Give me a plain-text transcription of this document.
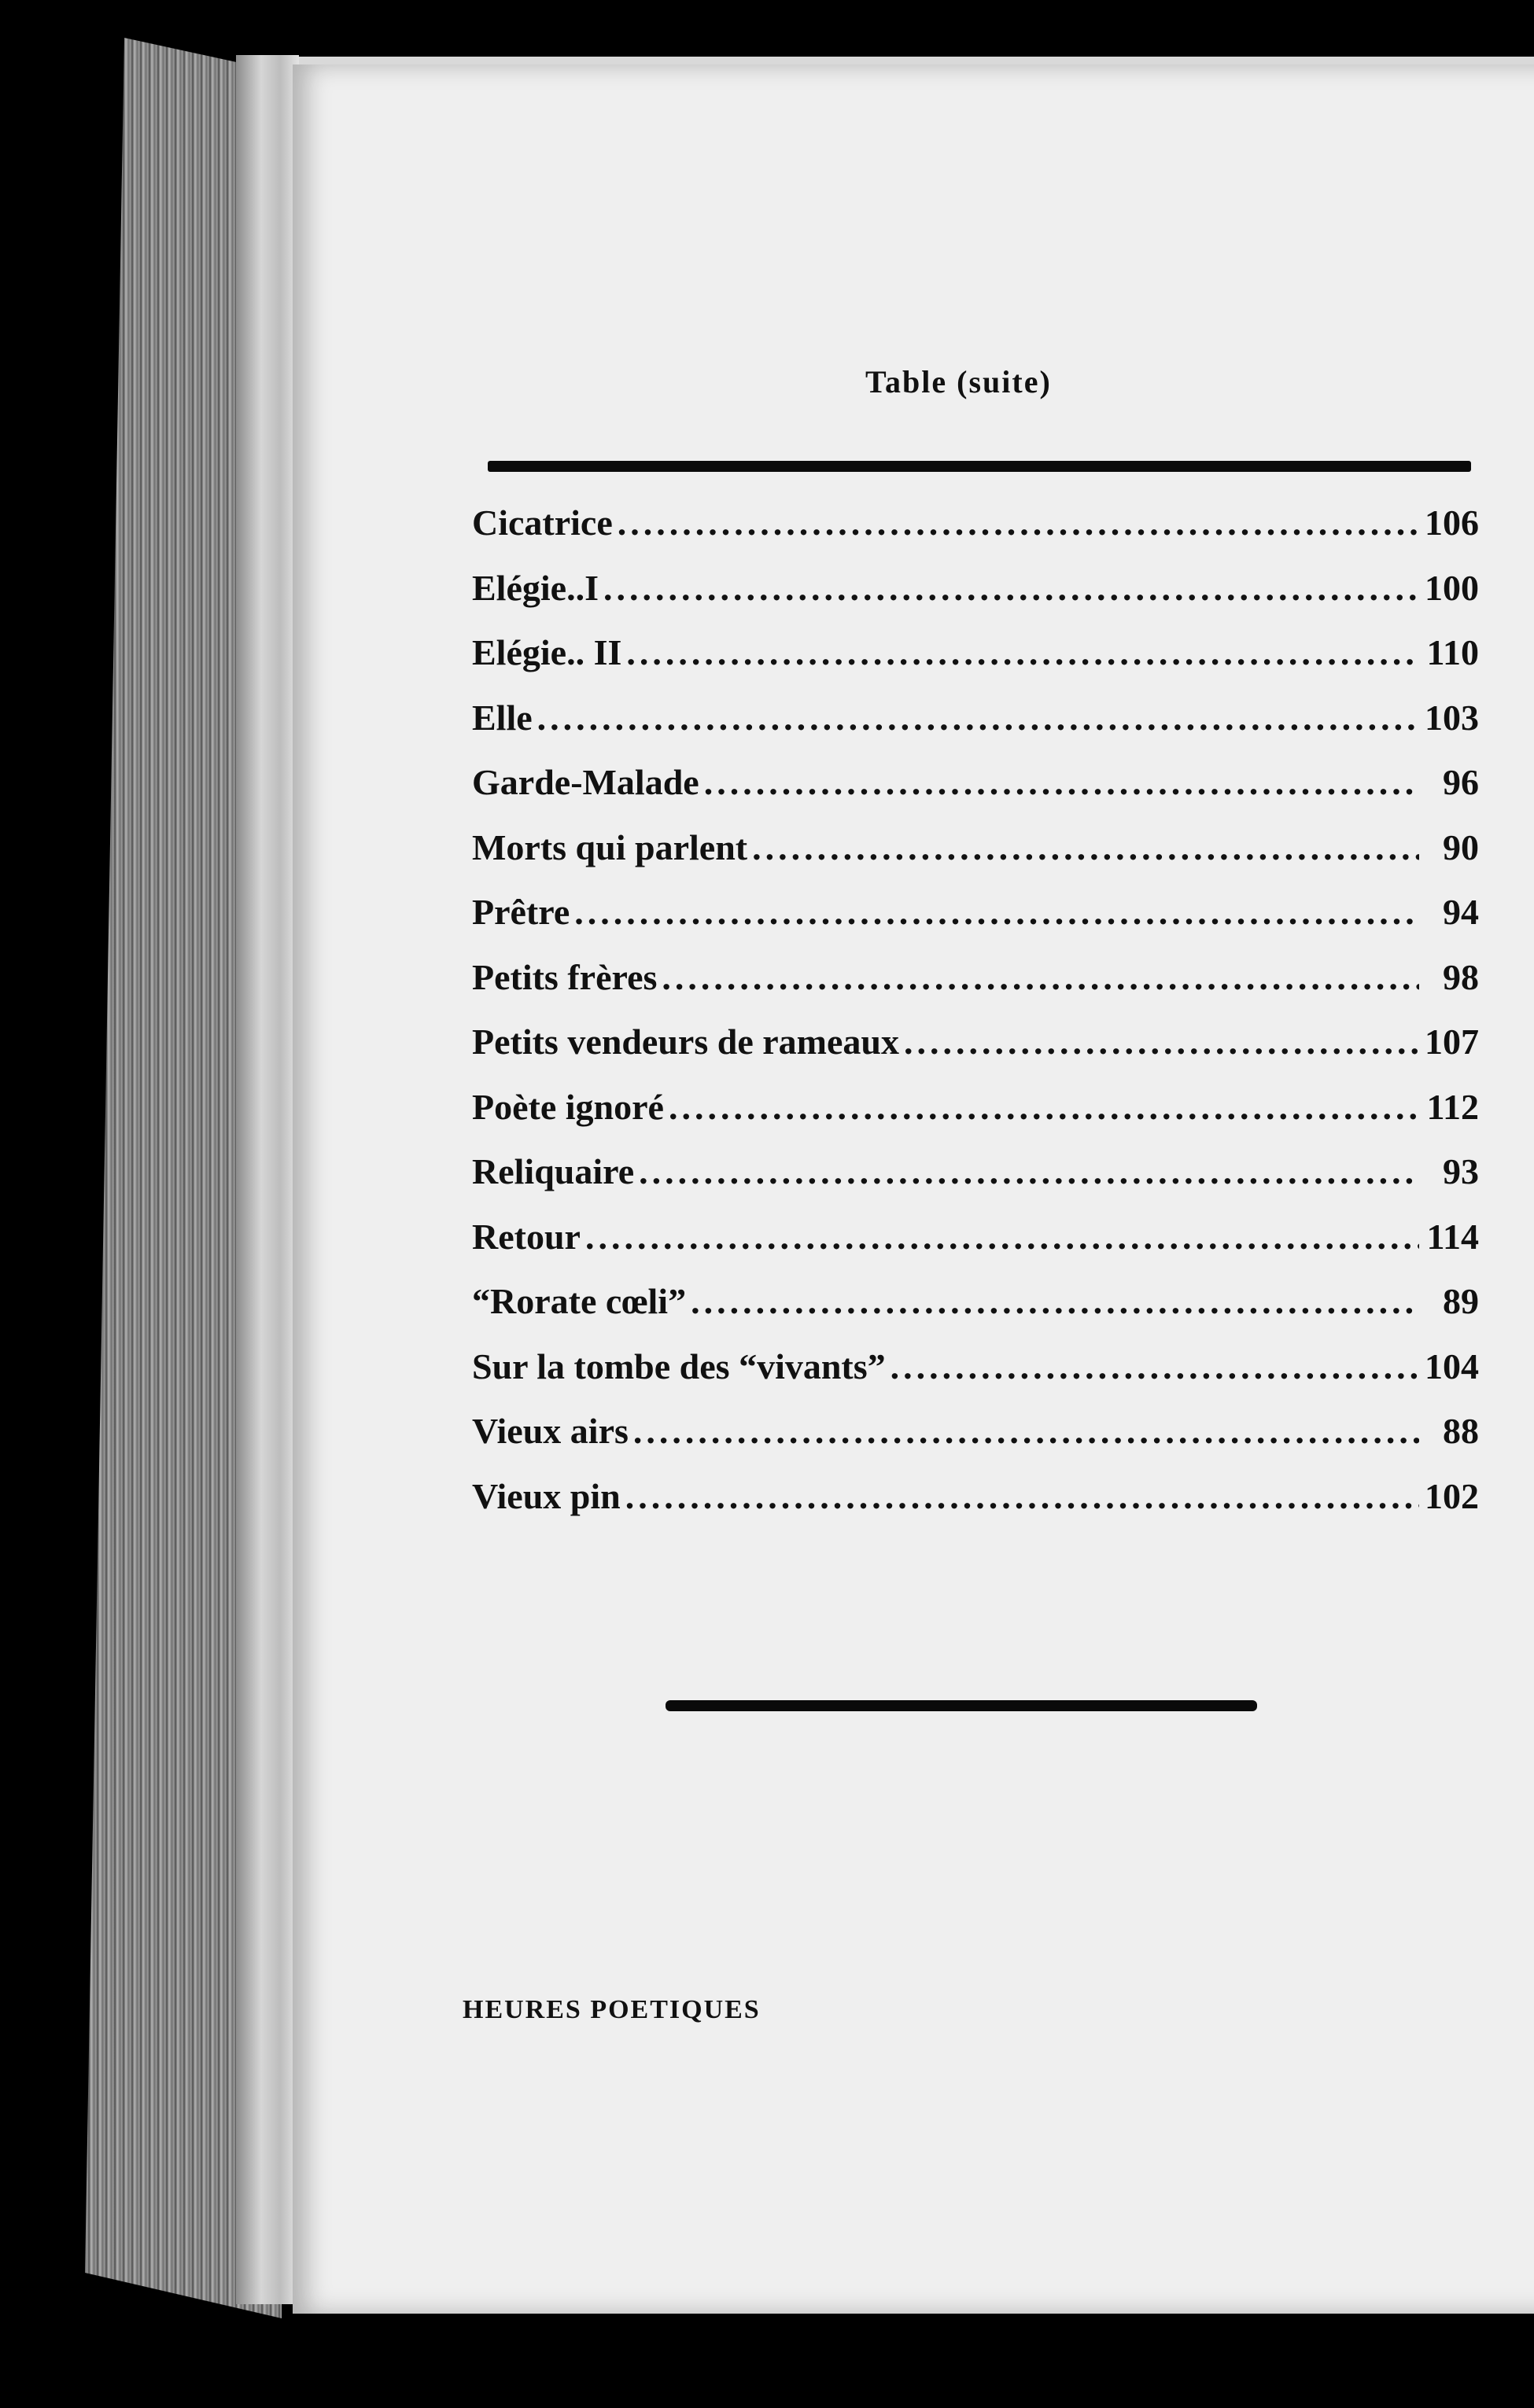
Table (suite)
Cicatrice .....	106
Elégie..I .....	100
Elégie.. II .....	110
Elle .....	103
Garde-Malade .....	96
Morts qui parlent .....	90
Prêtre .....	94
Petits frères .....	98
Petits vendeurs de rameaux .....	107
Poète ignoré .....	112
Reliquaire .....	93
Retour .....	114
“Rorate cœli” .....	89
Sur la tombe des “vivants” .....	104
Vieux airs .....	88
Vieux pin .....	102
HEURES POETIQUES
